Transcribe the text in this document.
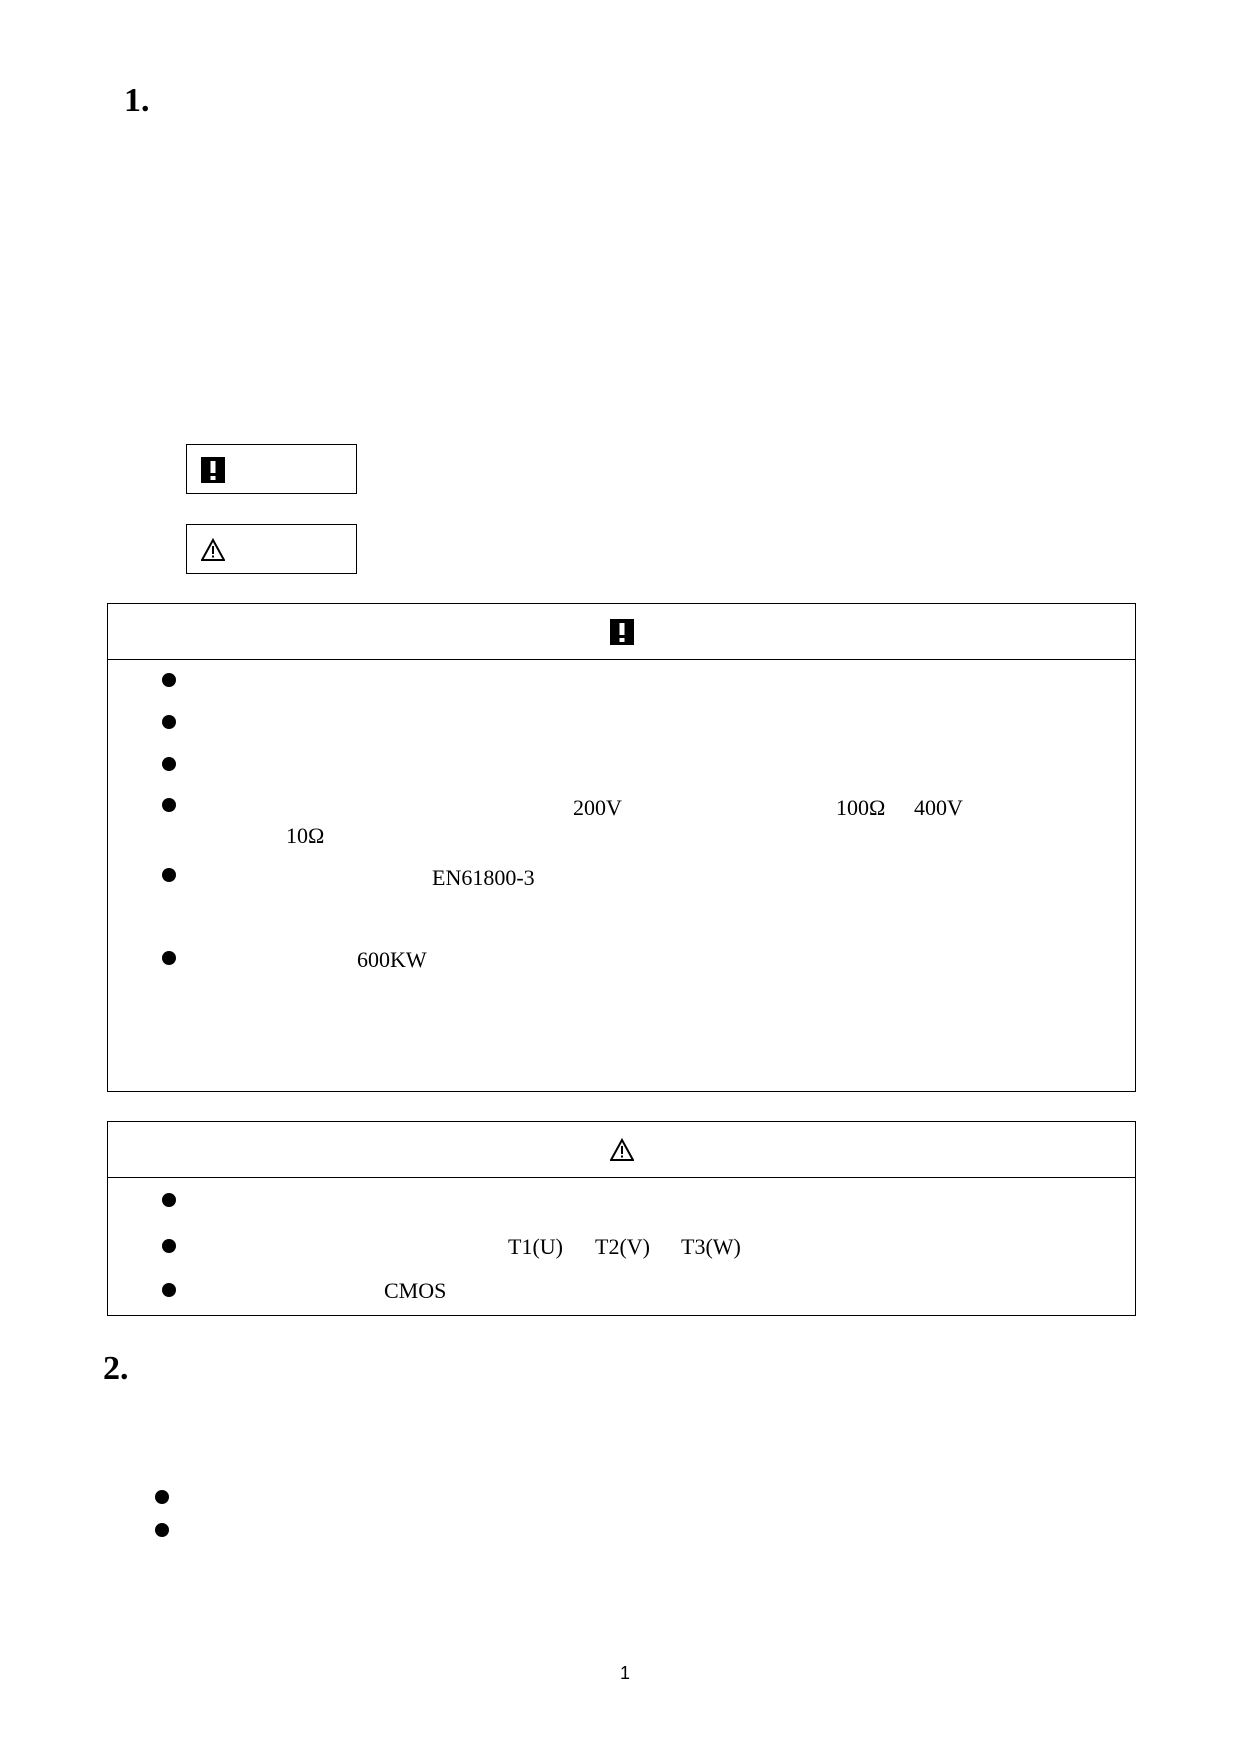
1.
200V	100Ω 400V
10Ω
EN61800-3
600KW
T1(U) T2(V) T3(W)
CMOS
2.
1
